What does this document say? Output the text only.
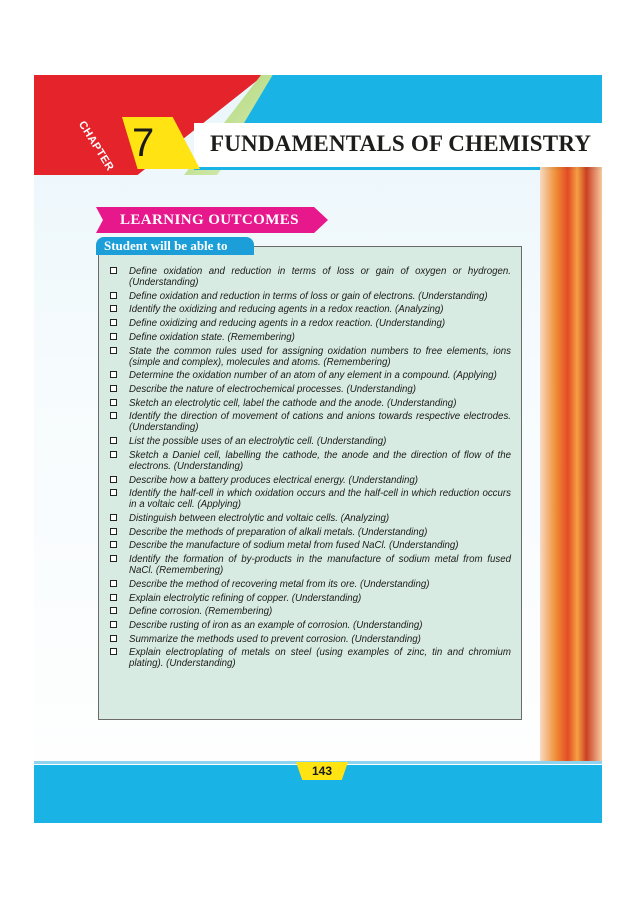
CHAPTER 7 FUNDAMENTALS OF CHEMISTRY
LEARNING OUTCOMES
Define oxidation and reduction in terms of loss or gain of oxygen or hydrogen. (Understanding)
Define oxidation and reduction in terms of loss or gain of electrons. (Understanding)
Identify the oxidizing and reducing agents in a redox reaction. (Analyzing)
Define oxidizing and reducing agents in a redox reaction. (Understanding)
Define oxidation state. (Remembering)
State the common rules used for assigning oxidation numbers to free elements, ions (simple and complex), molecules and atoms. (Remembering)
Determine the oxidation number of an atom of any element in a compound. (Applying)
Describe the nature of electrochemical processes. (Understanding)
Sketch an electrolytic cell, label the cathode and the anode. (Understanding)
Identify the direction of movement of cations and anions towards respective electrodes. (Understanding)
List the possible uses of an electrolytic cell. (Understanding)
Sketch a Daniel cell, labelling the cathode, the anode and the direction of flow of the electrons. (Understanding)
Describe how a battery produces electrical energy. (Understanding)
Identify the half-cell in which oxidation occurs and the half-cell in which reduction occurs in a voltaic cell. (Applying)
Distinguish between electrolytic and voltaic cells. (Analyzing)
Describe the methods of preparation of alkali metals. (Understanding)
Describe the manufacture of sodium metal from fused NaCl. (Understanding)
Identify the formation of by-products in the manufacture of sodium metal from fused NaCl. (Remembering)
Describe the method of recovering metal from its ore. (Understanding)
Explain electrolytic refining of copper. (Understanding)
Define corrosion. (Remembering)
Describe rusting of iron as an example of corrosion. (Understanding)
Summarize the methods used to prevent corrosion. (Understanding)
Explain electroplating of metals on steel (using examples of zinc, tin and chromium plating). (Understanding)
Student will be able to
143
